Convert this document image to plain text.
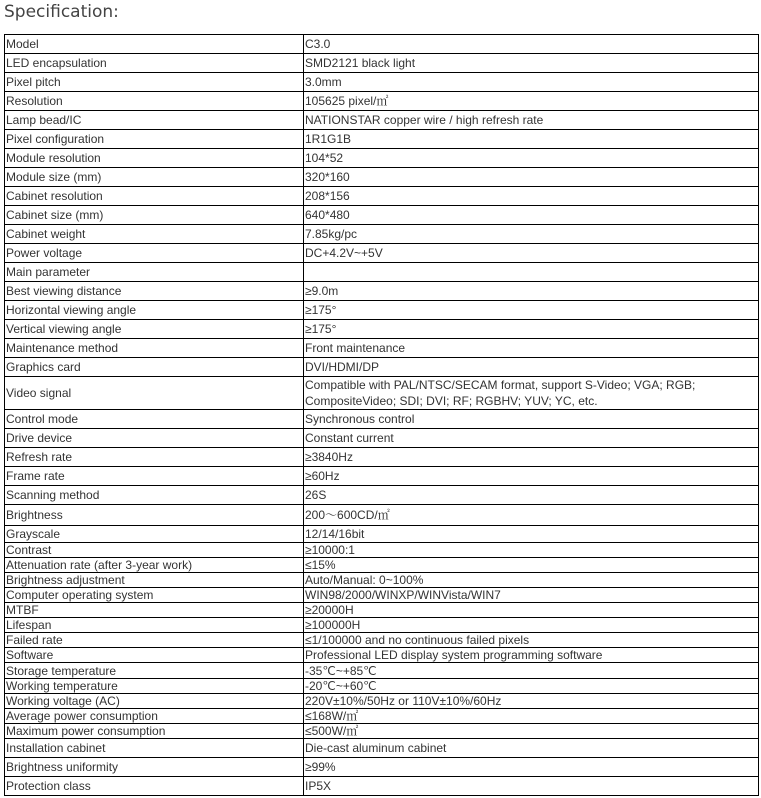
Specification:
Model	C3.0
LED encapsulation	SMD2121 black light
Pixel pitch	3.0mm
Resolution	105625 pixel/㎡
Lamp bead/IC	NATIONSTAR copper wire / high refresh rate
Pixel configuration	1R1G1B
Module resolution	104*52
Module size (mm)	320*160
Cabinet resolution	208*156
Cabinet size (mm)	640*480
Cabinet weight	7.85kg/pc
Power voltage	DC+4.2V~+5V
Main parameter	
Best viewing distance	≥9.0m
Horizontal viewing angle	≥175°
Vertical viewing angle	≥175°
Maintenance method	Front maintenance
Graphics card	DVI/HDMI/DP
Video signal	Compatible with PAL/NTSC/SECAM format, support S-Video; VGA; RGB; CompositeVideo; SDI; DVI; RF; RGBHV; YUV; YC, etc.
Control mode	Synchronous control
Drive device	Constant current
Refresh rate	≥3840Hz
Frame rate	≥60Hz
Scanning method	26S
Brightness	200～600CD/㎡
Grayscale	12/14/16bit
Contrast	≥10000:1
Attenuation rate (after 3-year work)	≤15%
Brightness adjustment	Auto/Manual: 0~100%
Computer operating system	WIN98/2000/WINXP/WINVista/WIN7
MTBF	≥20000H
Lifespan	≥100000H
Failed rate	≤1/100000 and no continuous failed pixels
Software	Professional LED display system programming software
Storage temperature	-35℃~+85℃
Working temperature	-20℃~+60℃
Working voltage (AC)	220V±10%/50Hz or 110V±10%/60Hz
Average power consumption	≤168W/㎡
Maximum power consumption	≤500W/㎡
Installation cabinet	Die-cast aluminum cabinet
Brightness uniformity	≥99%
Protection class	IP5X
